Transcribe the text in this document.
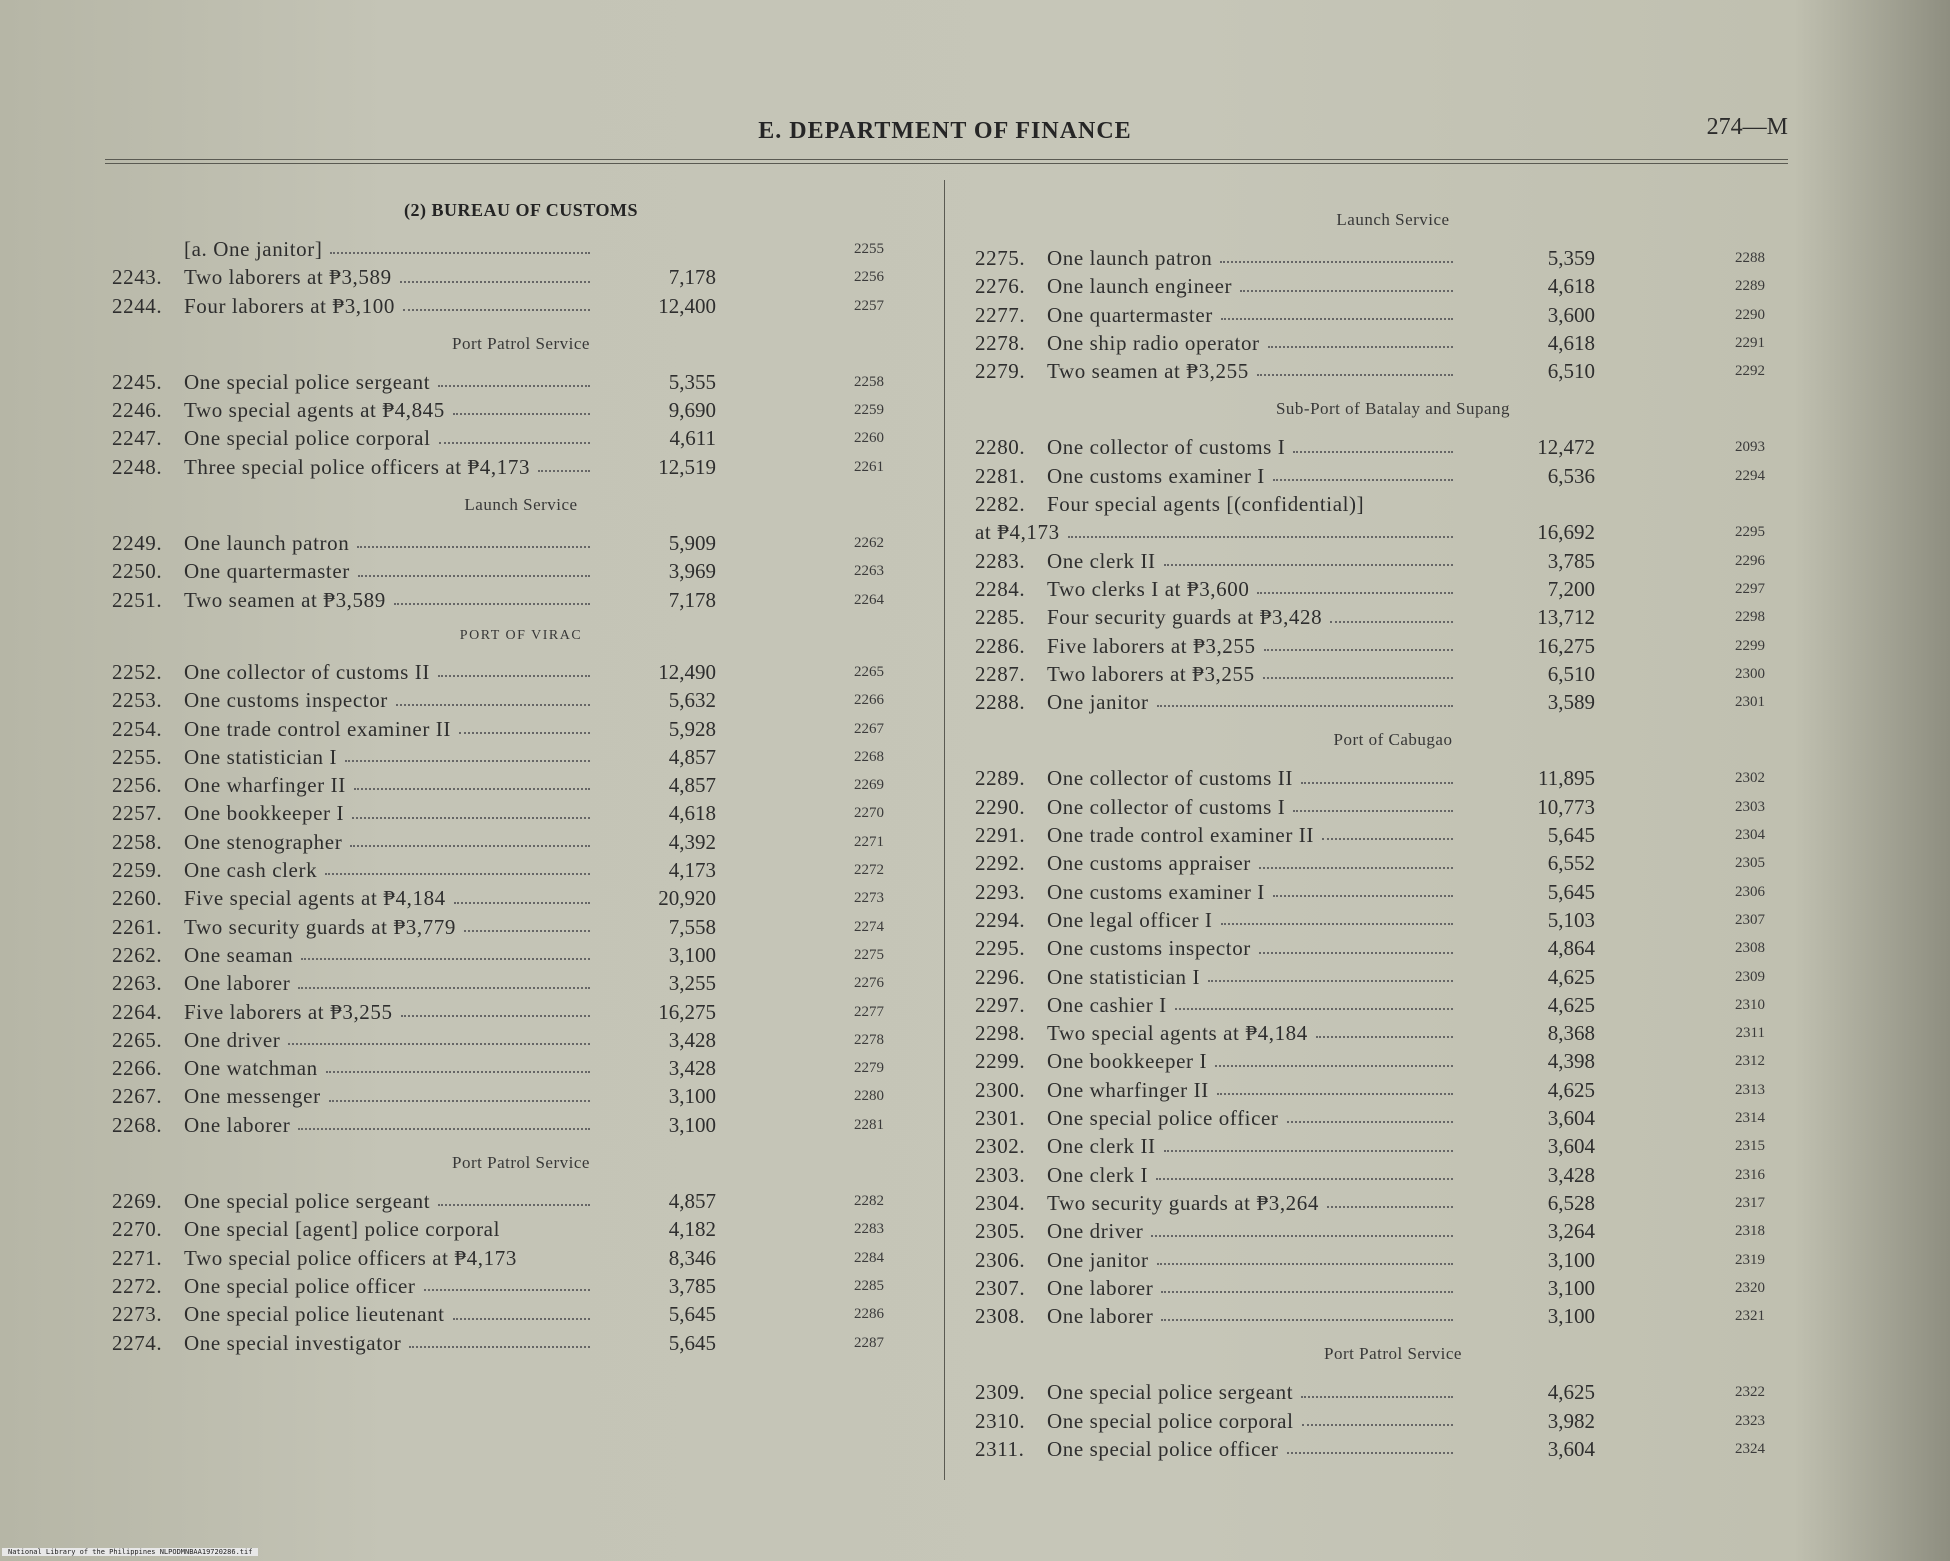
E. DEPARTMENT OF FINANCE	274—M
(2) BUREAU OF CUSTOMS
[a. One janitor]	2255
2243.	Two laborers at ₱3,589	7,178	2256
2244.	Four laborers at ₱3,100	12,400	2257
Port Patrol Service
2245.	One special police sergeant	5,355	2258
2246.	Two special agents at ₱4,845	9,690	2259
2247.	One special police corporal	4,611	2260
2248.	Three special police officers at ₱4,173	12,519	2261
Launch Service
2249.	One launch patron	5,909	2262
2250.	One quartermaster	3,969	2263
2251.	Two seamen at ₱3,589	7,178	2264
PORT OF VIRAC
2252.	One collector of customs II	12,490	2265
2253.	One customs inspector	5,632	2266
2254.	One trade control examiner II	5,928	2267
2255.	One statistician I	4,857	2268
2256.	One wharfinger II	4,857	2269
2257.	One bookkeeper I	4,618	2270
2258.	One stenographer	4,392	2271
2259.	One cash clerk	4,173	2272
2260.	Five special agents at ₱4,184	20,920	2273
2261.	Two security guards at ₱3,779	7,558	2274
2262.	One seaman	3,100	2275
2263.	One laborer	3,255	2276
2264.	Five laborers at ₱3,255	16,275	2277
2265.	One driver	3,428	2278
2266.	One watchman	3,428	2279
2267.	One messenger	3,100	2280
2268.	One laborer	3,100	2281
Port Patrol Service
2269.	One special police sergeant	4,857	2282
2270.	One special [agent] police corporal	4,182	2283
2271.	Two special police officers at ₱4,173	8,346	2284
2272.	One special police officer	3,785	2285
2273.	One special police lieutenant	5,645	2286
2274.	One special investigator	5,645	2287
Launch Service
2275.	One launch patron	5,359	2288
2276.	One launch engineer	4,618	2289
2277.	One quartermaster	3,600	2290
2278.	One ship radio operator	4,618	2291
2279.	Two seamen at ₱3,255	6,510	2292
Sub-Port of Batalay and Supang
2280.	One collector of customs I	12,472	2093
2281.	One customs examiner I	6,536	2294
2282.	Four special agents [(confidential)]
at ₱4,173	16,692	2295
2283.	One clerk II	3,785	2296
2284.	Two clerks I at ₱3,600	7,200	2297
2285.	Four security guards at ₱3,428	13,712	2298
2286.	Five laborers at ₱3,255	16,275	2299
2287.	Two laborers at ₱3,255	6,510	2300
2288.	One janitor	3,589	2301
Port of Cabugao
2289.	One collector of customs II	11,895	2302
2290.	One collector of customs I	10,773	2303
2291.	One trade control examiner II	5,645	2304
2292.	One customs appraiser	6,552	2305
2293.	One customs examiner I	5,645	2306
2294.	One legal officer I	5,103	2307
2295.	One customs inspector	4,864	2308
2296.	One statistician I	4,625	2309
2297.	One cashier I	4,625	2310
2298.	Two special agents at ₱4,184	8,368	2311
2299.	One bookkeeper I	4,398	2312
2300.	One wharfinger II	4,625	2313
2301.	One special police officer	3,604	2314
2302.	One clerk II	3,604	2315
2303.	One clerk I	3,428	2316
2304.	Two security guards at ₱3,264	6,528	2317
2305.	One driver	3,264	2318
2306.	One janitor	3,100	2319
2307.	One laborer	3,100	2320
2308.	One laborer	3,100	2321
Port Patrol Service
2309.	One special police sergeant	4,625	2322
2310.	One special police corporal	3,982	2323
2311.	One special police officer	3,604	2324
National Library of the Philippines NLPODMNBAA19720286.tif
